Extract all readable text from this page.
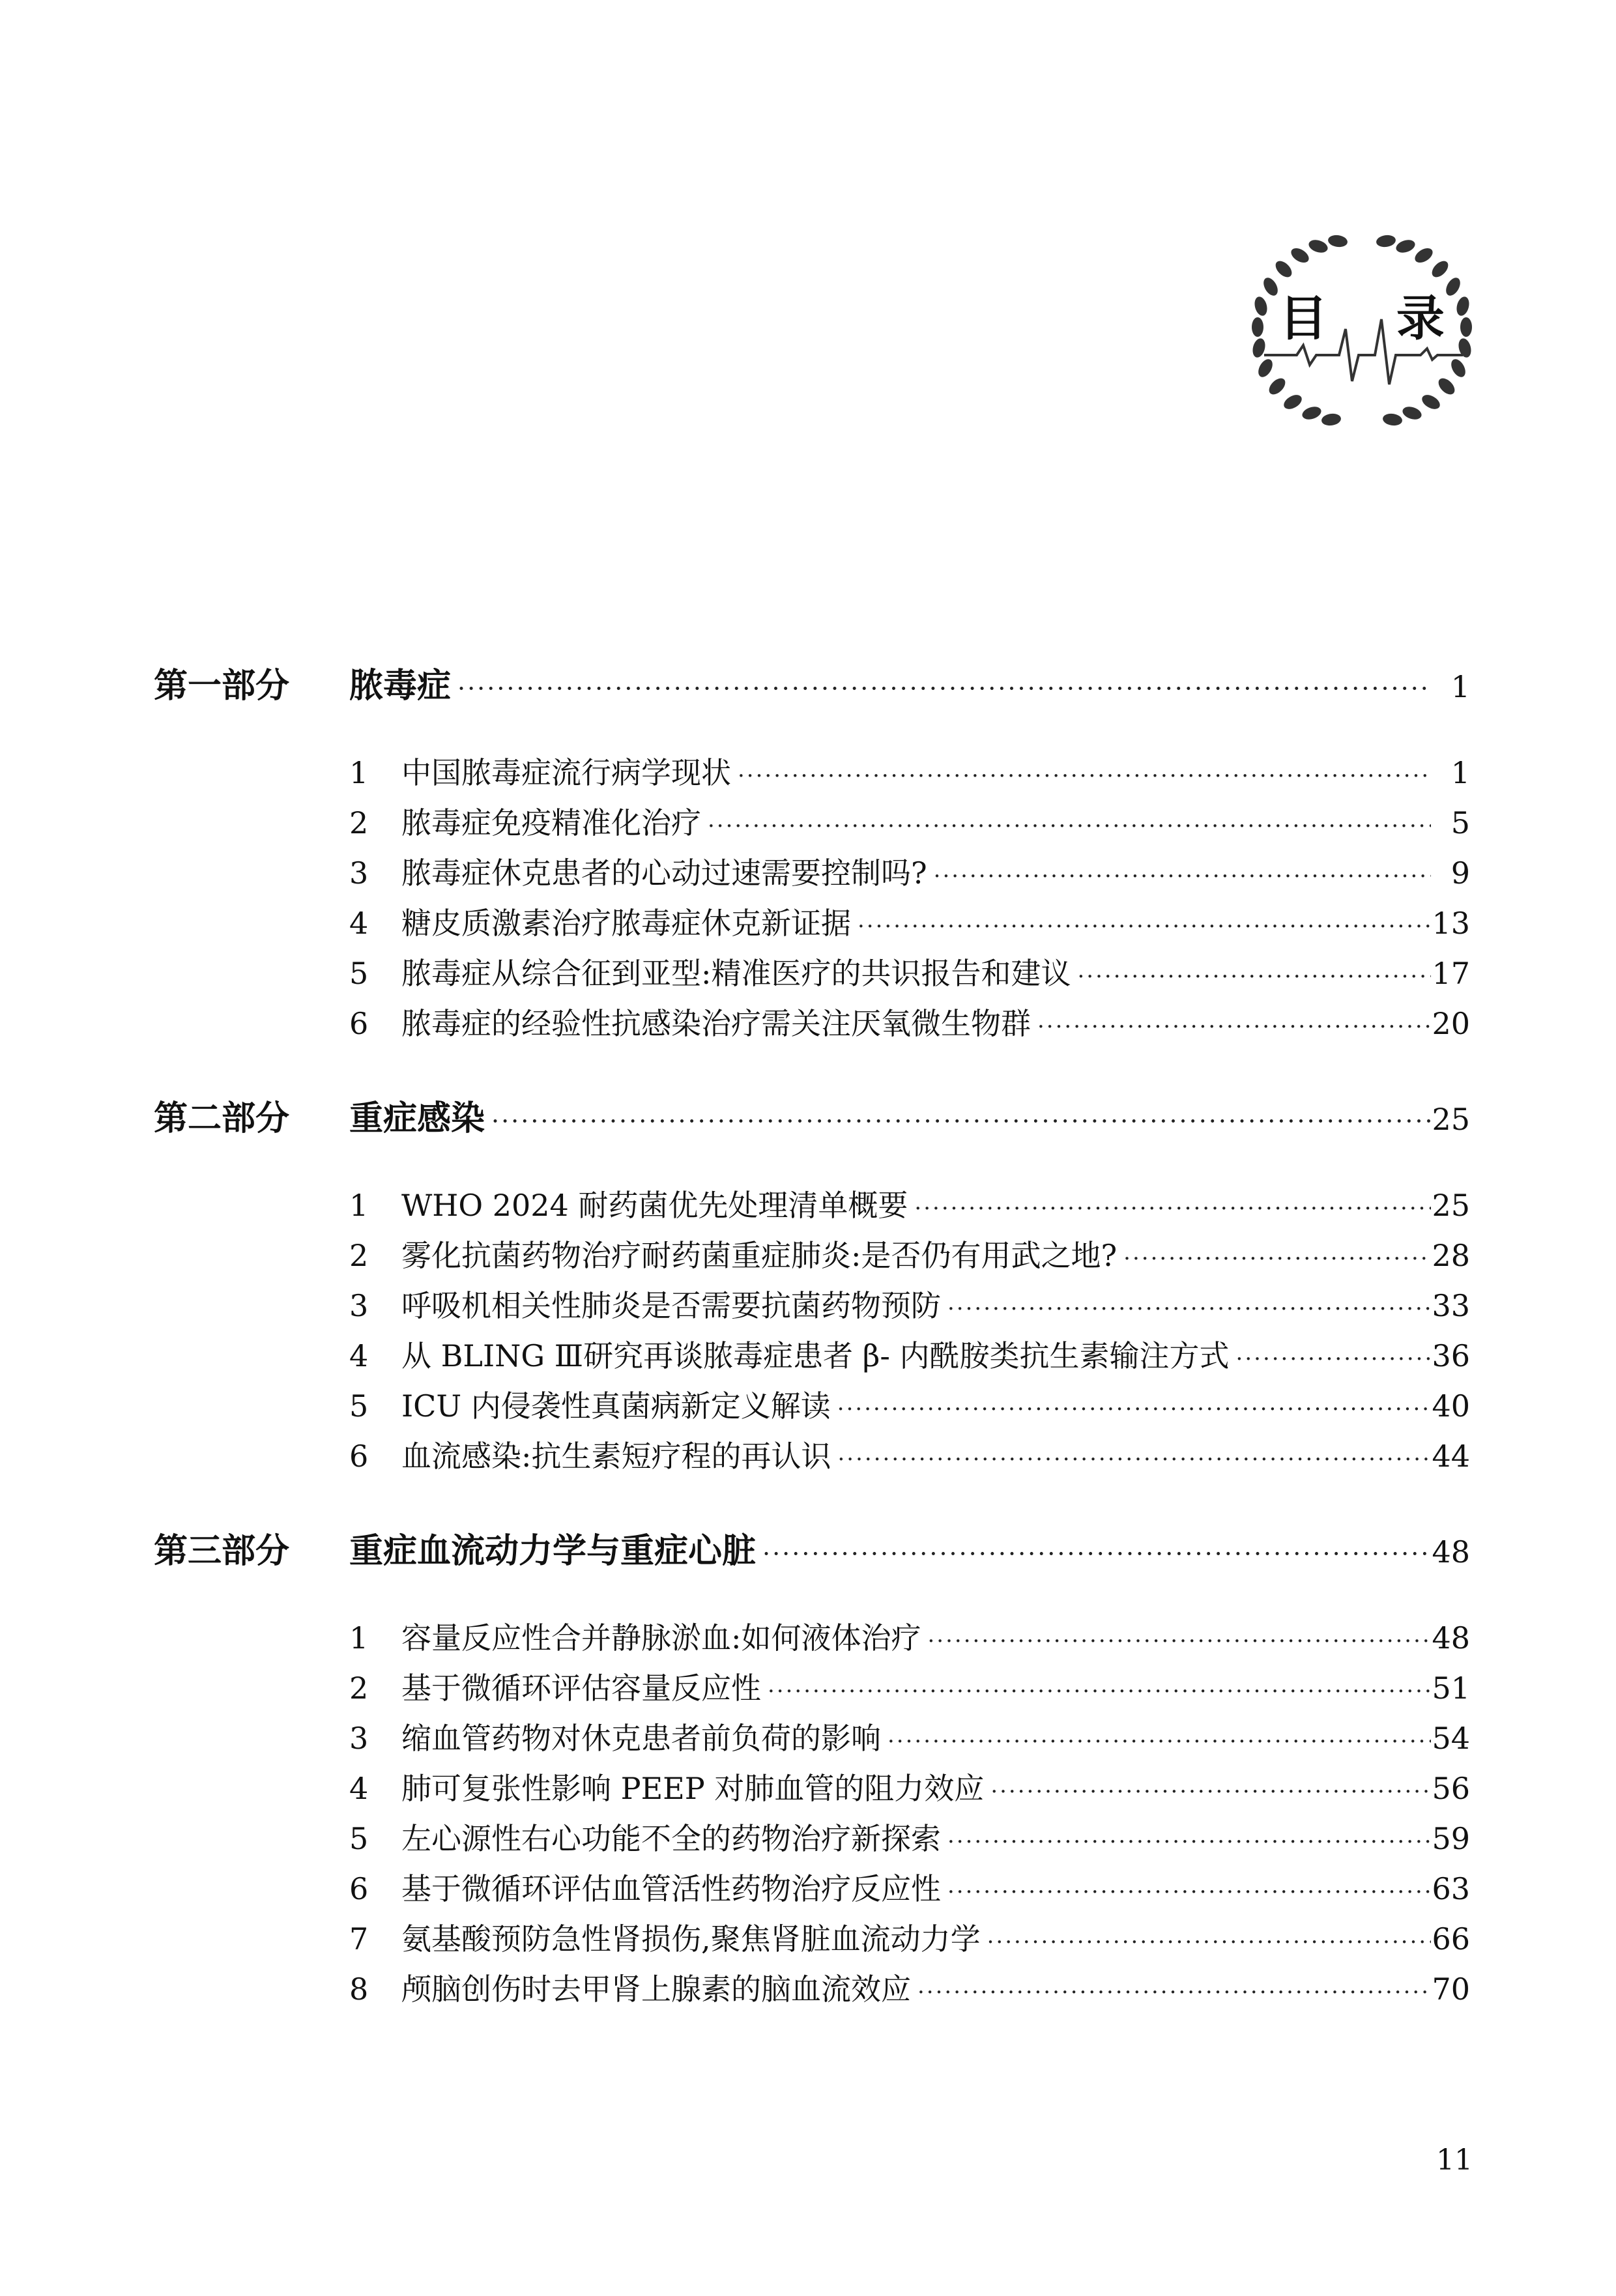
目 录
第一部分	脓毒症 ·····	1
1	中国脓毒症流行病学现状 ·····	1
2	脓毒症免疫精准化治疗 ·····	5
3	脓毒症休克患者的心动过速需要控制吗? ·····	9
4	糖皮质激素治疗脓毒症休克新证据 ·····	13
5	脓毒症从综合征到亚型:精准医疗的共识报告和建议 ·····	17
6	脓毒症的经验性抗感染治疗需关注厌氧微生物群 ·····	20
第二部分	重症感染 ·····	25
1	WHO 2024 耐药菌优先处理清单概要 ·····	25
2	雾化抗菌药物治疗耐药菌重症肺炎:是否仍有用武之地? ·····	28
3	呼吸机相关性肺炎是否需要抗菌药物预防 ·····	33
4	从 BLING Ⅲ研究再谈脓毒症患者 β- 内酰胺类抗生素输注方式 ·····	36
5	ICU 内侵袭性真菌病新定义解读 ·····	40
6	血流感染:抗生素短疗程的再认识 ·····	44
第三部分	重症血流动力学与重症心脏 ·····	48
1	容量反应性合并静脉淤血:如何液体治疗 ·····	48
2	基于微循环评估容量反应性 ·····	51
3	缩血管药物对休克患者前负荷的影响 ·····	54
4	肺可复张性影响 PEEP 对肺血管的阻力效应 ·····	56
5	左心源性右心功能不全的药物治疗新探索 ·····	59
6	基于微循环评估血管活性药物治疗反应性 ·····	63
7	氨基酸预防急性肾损伤,聚焦肾脏血流动力学 ·····	66
8	颅脑创伤时去甲肾上腺素的脑血流效应 ·····	70
11
